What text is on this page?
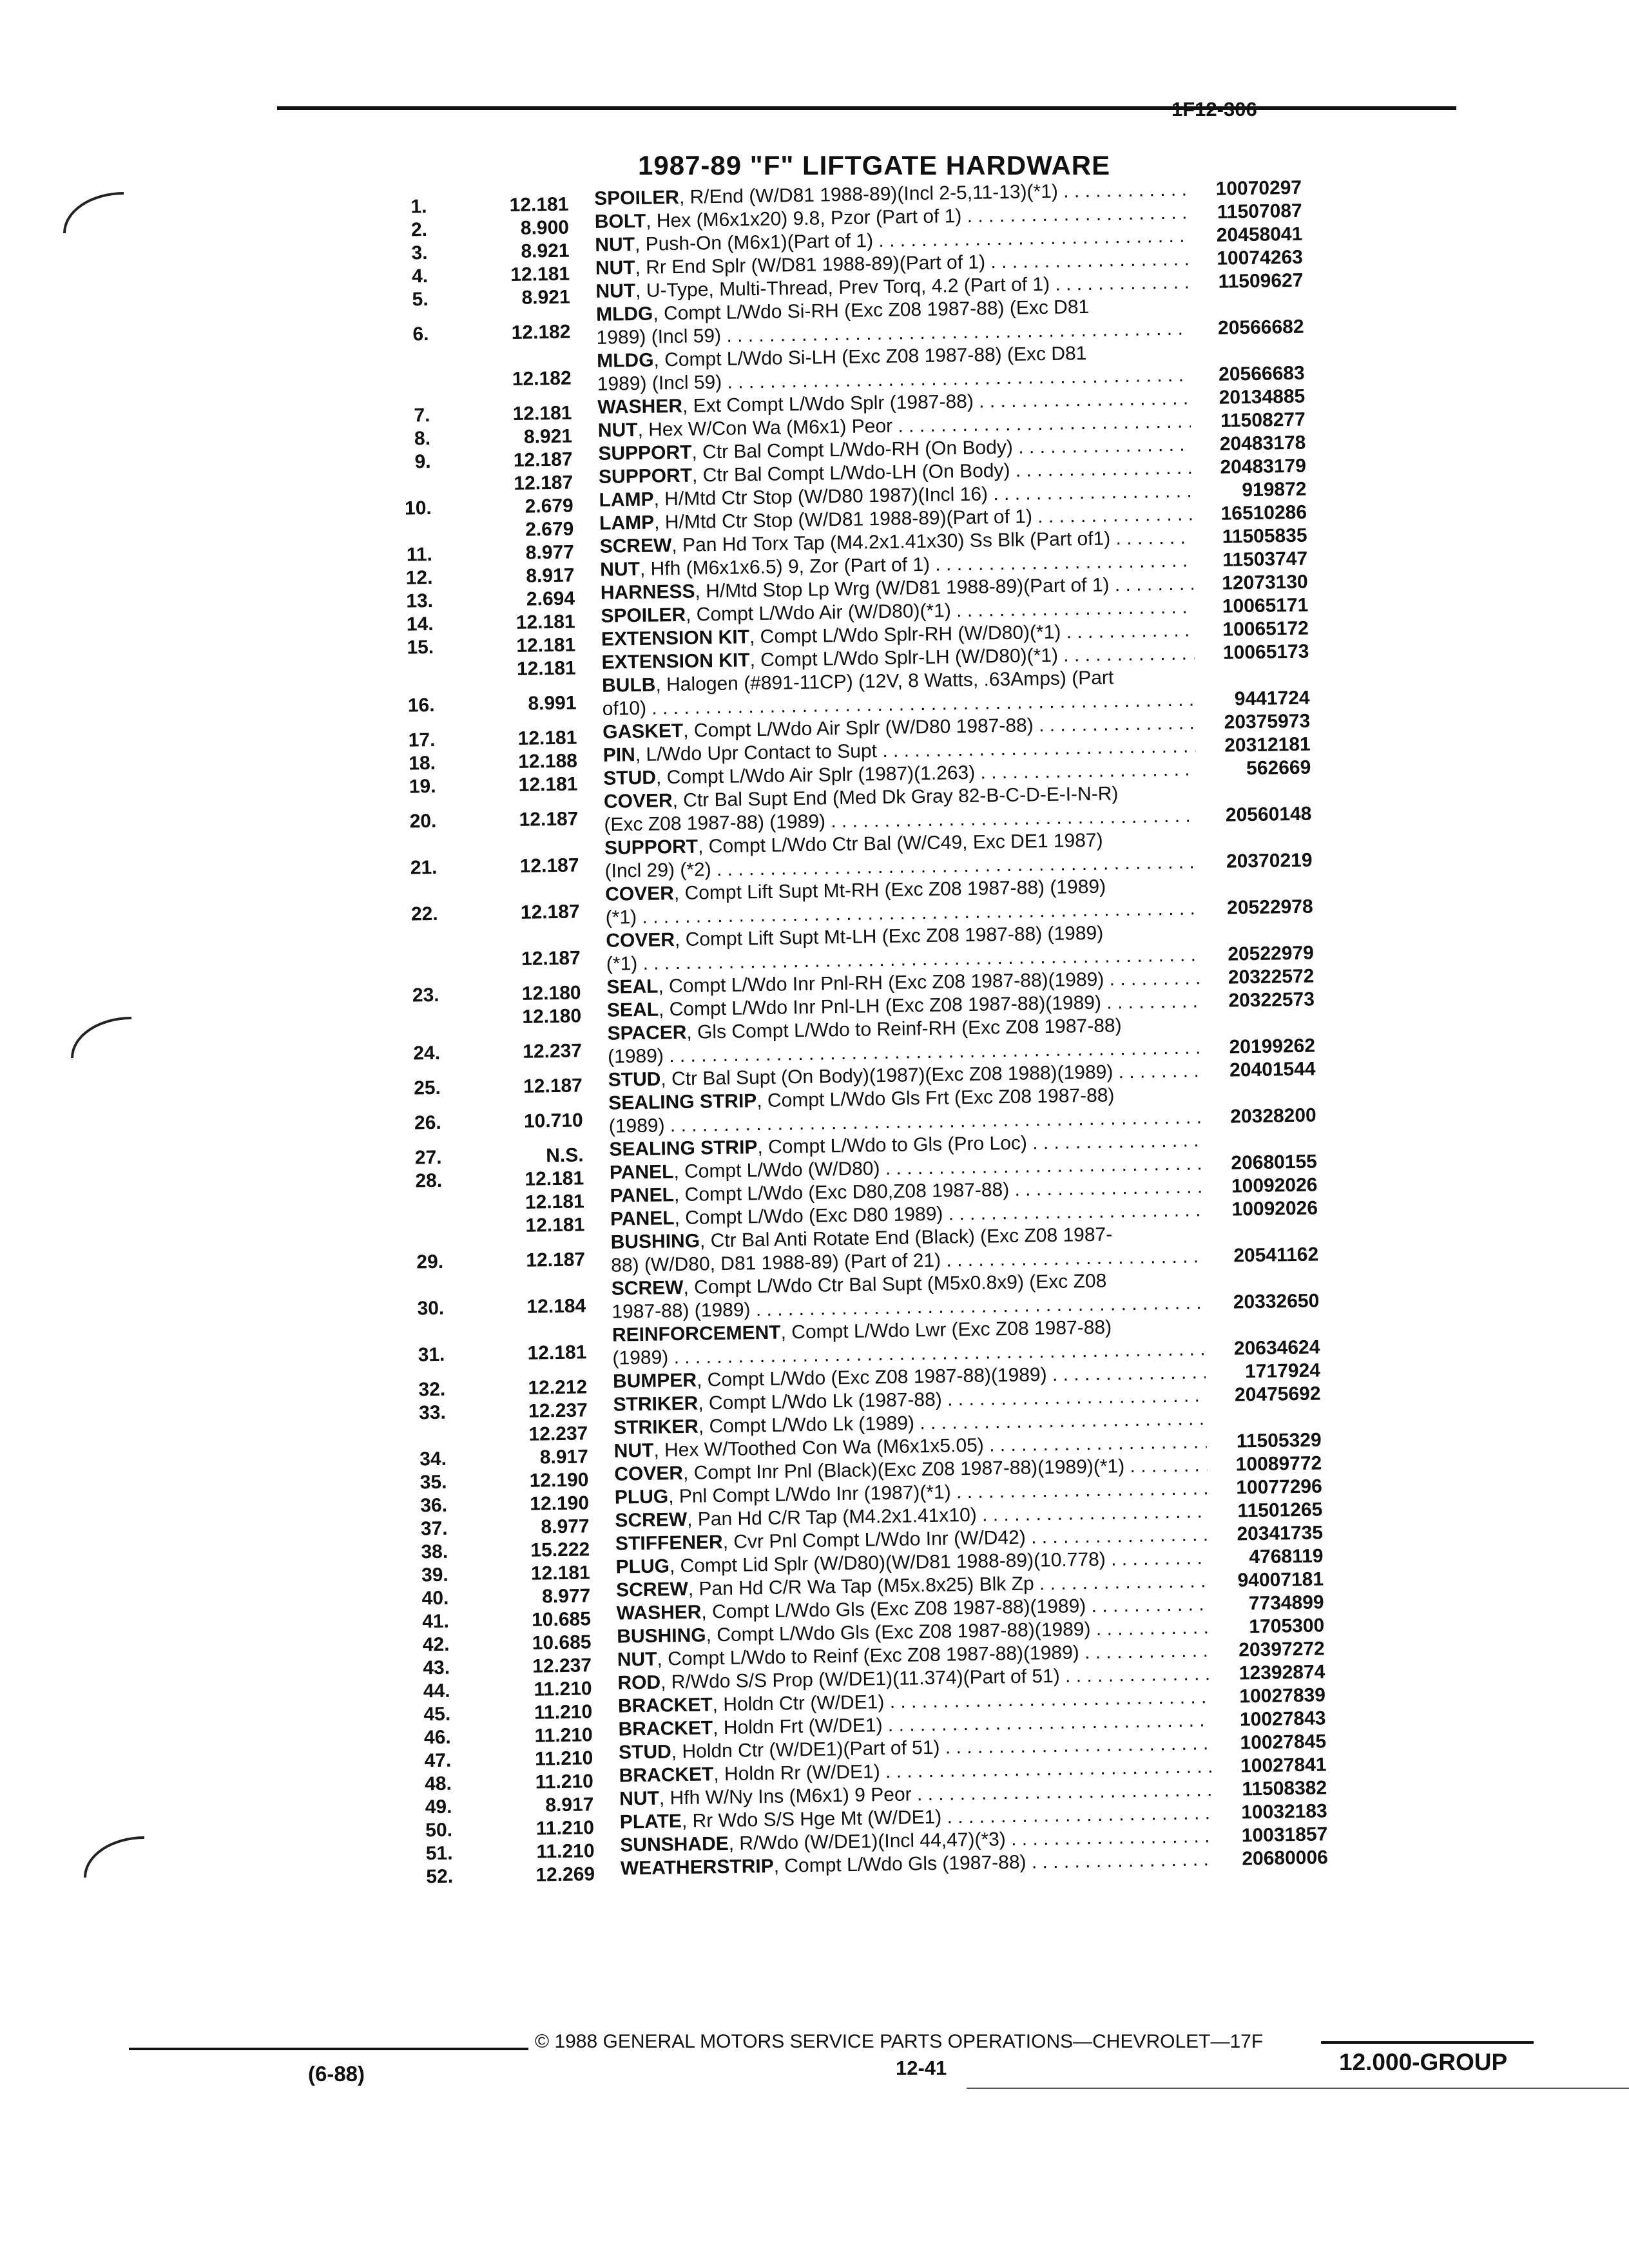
1F12-306
1987-89 "F" LIFTGATE HARDWARE
1.	12.181 SPOILER, R/End (W/D81 1988-89)(Incl 2-5,11-13)(*1) . . .	10070297
2.	8.900 BOLT, Hex (M6x1x20) 9.8, Pzor (Part of 1) . . .	11507087
3.	8.921 NUT, Push-On (M6x1)(Part of 1) . . .	20458041
4.	12.181 NUT, Rr End Splr (W/D81 1988-89)(Part of 1) . . .	10074263
5.	8.921 NUT, U-Type, Multi-Thread, Prev Torq, 4.2 (Part of 1) . . .	11509627
6.	12.182
MLDG, Compt L/Wdo Si-RH (Exc Z08 1987-88) (Exc D81
1989) (Incl 59) . . .	20566682
12.182
MLDG, Compt L/Wdo Si-LH (Exc Z08 1987-88) (Exc D81
1989) (Incl 59) . . .	20566683
7.	12.181 WASHER, Ext Compt L/Wdo Splr (1987-88) . . .	20134885
8.	8.921 NUT, Hex W/Con Wa (M6x1) Peor . . .	11508277
9.	12.187 SUPPORT, Ctr Bal Compt L/Wdo-RH (On Body) . . .	20483178
12.187 SUPPORT, Ctr Bal Compt L/Wdo-LH (On Body) . . .	20483179
10.	2.679 LAMP, H/Mtd Ctr Stop (W/D80 1987)(Incl 16) . . .	919872
2.679 LAMP, H/Mtd Ctr Stop (W/D81 1988-89)(Part of 1) . . .	16510286
11.	8.977 SCREW, Pan Hd Torx Tap (M4.2x1.41x30) Ss Blk (Part of1) . . .	11505835
12.	8.917 NUT, Hfh (M6x1x6.5) 9, Zor (Part of 1) . . .	11503747
13.	2.694 HARNESS, H/Mtd Stop Lp Wrg (W/D81 1988-89)(Part of 1) . . .	12073130
14.	12.181 SPOILER, Compt L/Wdo Air (W/D80)(*1) . . .	10065171
15.	12.181 EXTENSION KIT, Compt L/Wdo Splr-RH (W/D80)(*1) . . .	10065172
12.181 EXTENSION KIT, Compt L/Wdo Splr-LH (W/D80)(*1) . . .	10065173
16.	8.991
BULB, Halogen (#891-11CP) (12V, 8 Watts, .63Amps) (Part
of10) . . .	9441724
17.	12.181 GASKET, Compt L/Wdo Air Splr (W/D80 1987-88) . . .	20375973
18.	12.188 PIN, L/Wdo Upr Contact to Supt . . .	20312181
19.	12.181 STUD, Compt L/Wdo Air Splr (1987)(1.263) . . .	562669
20.	12.187
COVER, Ctr Bal Supt End (Med Dk Gray 82-B-C-D-E-I-N-R)
(Exc Z08 1987-88) (1989) . . .	20560148
21.	12.187
SUPPORT, Compt L/Wdo Ctr Bal (W/C49, Exc DE1 1987)
(Incl 29) (*2) . . .	20370219
22.	12.187
COVER, Compt Lift Supt Mt-RH (Exc Z08 1987-88) (1989)
(*1) . . .	20522978
12.187
COVER, Compt Lift Supt Mt-LH (Exc Z08 1987-88) (1989)
(*1) . . .	20522979
23.	12.180 SEAL, Compt L/Wdo Inr Pnl-RH (Exc Z08 1987-88)(1989) . . .	20322572
12.180 SEAL, Compt L/Wdo Inr Pnl-LH (Exc Z08 1987-88)(1989) . . .	20322573
24.	12.237
SPACER, Gls Compt L/Wdo to Reinf-RH (Exc Z08 1987-88)
(1989) . . .	20199262
25.	12.187 STUD, Ctr Bal Supt (On Body)(1987)(Exc Z08 1988)(1989) . . .	20401544
26.	10.710
SEALING STRIP, Compt L/Wdo Gls Frt (Exc Z08 1987-88)
(1989) . . .	20328200
27.	N.S. SEALING STRIP, Compt L/Wdo to Gls (Pro Loc) . . .
28.	12.181 PANEL, Compt L/Wdo (W/D80) . . .	20680155
12.181 PANEL, Compt L/Wdo (Exc D80,Z08 1987-88) . . .	10092026
12.181 PANEL, Compt L/Wdo (Exc D80 1989) . . .	10092026
29.	12.187
BUSHING, Ctr Bal Anti Rotate End (Black) (Exc Z08 1987-
88) (W/D80, D81 1988-89) (Part of 21) . . .	20541162
30.	12.184
SCREW, Compt L/Wdo Ctr Bal Supt (M5x0.8x9) (Exc Z08
1987-88) (1989) . . .	20332650
31.	12.181
REINFORCEMENT, Compt L/Wdo Lwr (Exc Z08 1987-88)
(1989) . . .	20634624
32.	12.212 BUMPER, Compt L/Wdo (Exc Z08 1987-88)(1989) . . .	1717924
33.	12.237 STRIKER, Compt L/Wdo Lk (1987-88) . . .	20475692
12.237 STRIKER, Compt L/Wdo Lk (1989) . . .
34.	8.917 NUT, Hex W/Toothed Con Wa (M6x1x5.05) . . .	11505329
35.	12.190 COVER, Compt Inr Pnl (Black)(Exc Z08 1987-88)(1989)(*1) . . .	10089772
36.	12.190 PLUG, Pnl Compt L/Wdo Inr (1987)(*1) . . .	10077296
37.	8.977 SCREW, Pan Hd C/R Tap (M4.2x1.41x10) . . .	11501265
38.	15.222 STIFFENER, Cvr Pnl Compt L/Wdo Inr (W/D42) . . .	20341735
39.	12.181 PLUG, Compt Lid Splr (W/D80)(W/D81 1988-89)(10.778) . . .	4768119
40.	8.977 SCREW, Pan Hd C/R Wa Tap (M5x.8x25) Blk Zp . . .	94007181
41.	10.685 WASHER, Compt L/Wdo Gls (Exc Z08 1987-88)(1989) . . .	7734899
42.	10.685 BUSHING, Compt L/Wdo Gls (Exc Z08 1987-88)(1989) . . .	1705300
43.	12.237 NUT, Compt L/Wdo to Reinf (Exc Z08 1987-88)(1989) . . .	20397272
44.	11.210 ROD, R/Wdo S/S Prop (W/DE1)(11.374)(Part of 51) . . .	12392874
45.	11.210 BRACKET, Holdn Ctr (W/DE1) . . .	10027839
46.	11.210 BRACKET, Holdn Frt (W/DE1) . . .	10027843
47.	11.210 STUD, Holdn Ctr (W/DE1)(Part of 51) . . .	10027845
48.	11.210 BRACKET, Holdn Rr (W/DE1) . . .	10027841
49.	8.917 NUT, Hfh W/Ny Ins (M6x1) 9 Peor . . .	11508382
50.	11.210 PLATE, Rr Wdo S/S Hge Mt (W/DE1) . . .	10032183
51.	11.210 SUNSHADE, R/Wdo (W/DE1)(Incl 44,47)(*3) . . .	10031857
52.	12.269 WEATHERSTRIP, Compt L/Wdo Gls (1987-88) . . .	20680006
© 1988 GENERAL MOTORS SERVICE PARTS OPERATIONS—CHEVROLET—17F
(6-88)	12-41	12.000-GROUP
